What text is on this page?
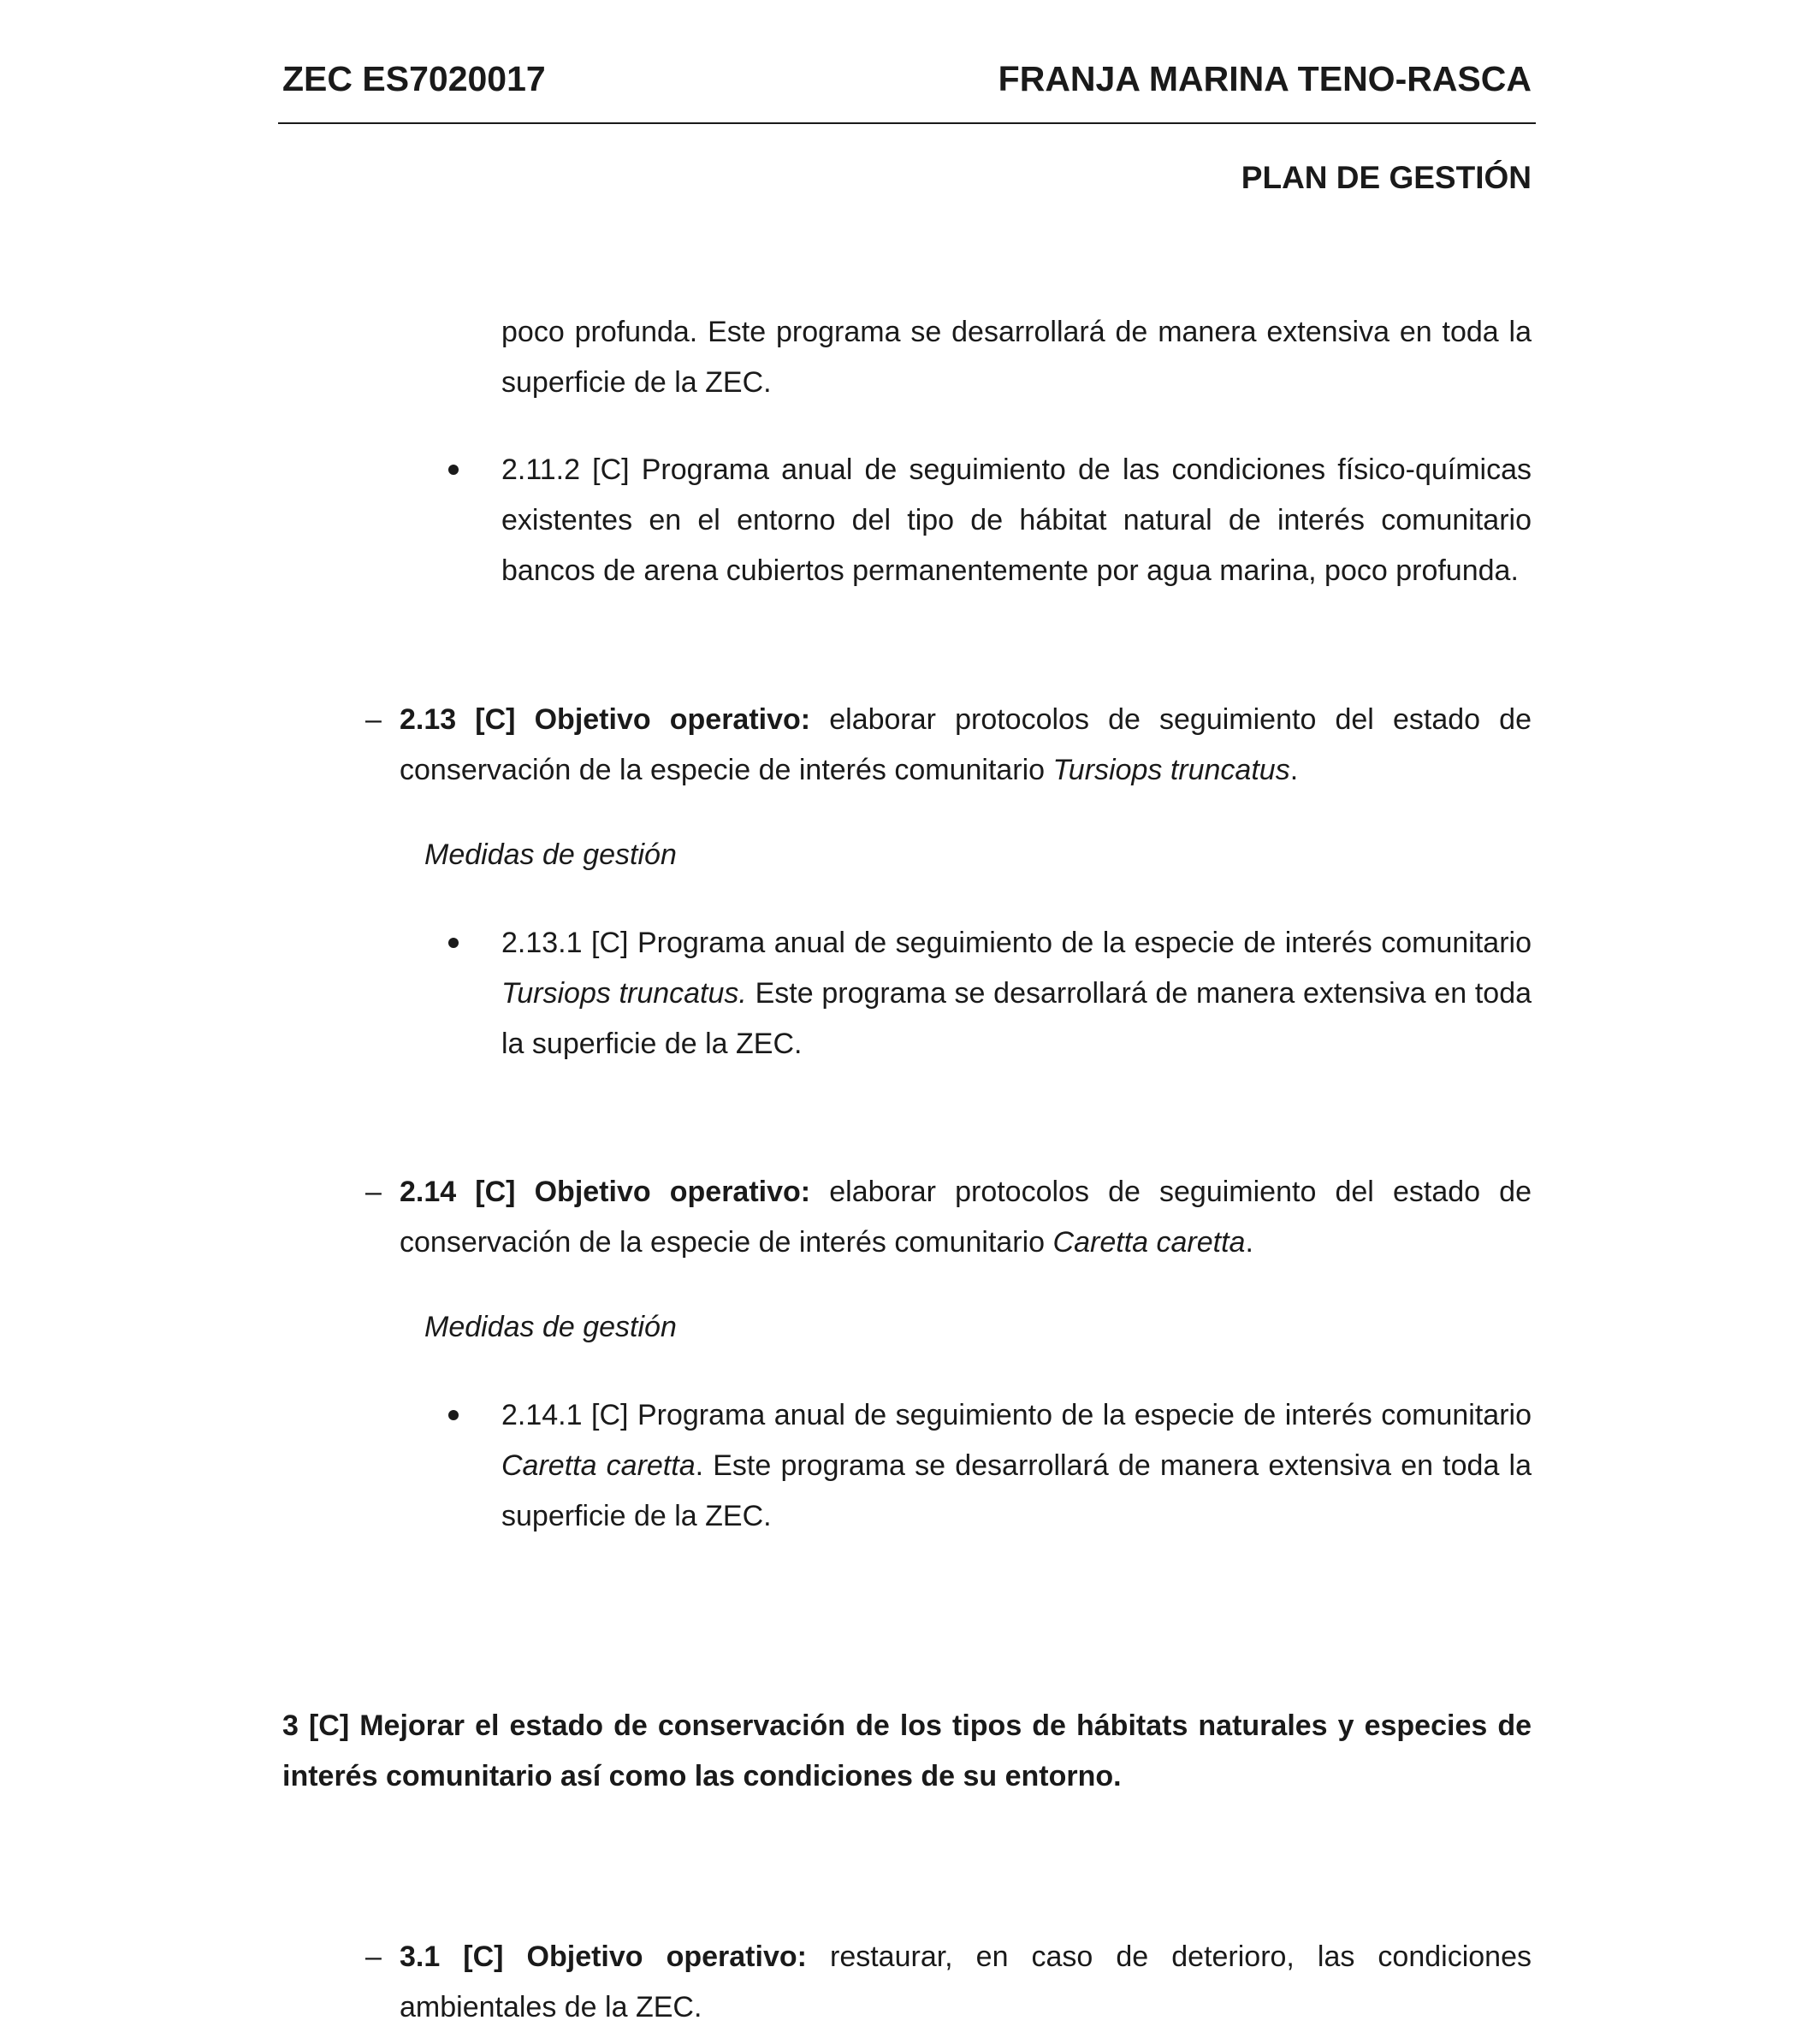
ZEC ES7020017	FRANJA MARINA TENO-RASCA
PLAN DE GESTIÓN

poco profunda. Este programa se desarrollará de manera extensiva en toda la superficie de la ZEC.

2.11.2 [C] Programa anual de seguimiento de las condiciones físico-químicas existentes en el entorno del tipo de hábitat natural de interés comunitario bancos de arena cubiertos permanentemente por agua marina, poco profunda.

– 2.13 [C] Objetivo operativo: elaborar protocolos de seguimiento del estado de conservación de la especie de interés comunitario Tursiops truncatus.

Medidas de gestión

2.13.1 [C] Programa anual de seguimiento de la especie de interés comunitario Tursiops truncatus. Este programa se desarrollará de manera extensiva en toda la superficie de la ZEC.

– 2.14 [C] Objetivo operativo: elaborar protocolos de seguimiento del estado de conservación de la especie de interés comunitario Caretta caretta.

Medidas de gestión

2.14.1 [C] Programa anual de seguimiento de la especie de interés comunitario Caretta caretta. Este programa se desarrollará de manera extensiva en toda la superficie de la ZEC.

3 [C] Mejorar el estado de conservación de los tipos de hábitats naturales y especies de interés comunitario así como las condiciones de su entorno.

– 3.1 [C] Objetivo operativo: restaurar, en caso de deterioro, las condiciones ambientales de la ZEC.
